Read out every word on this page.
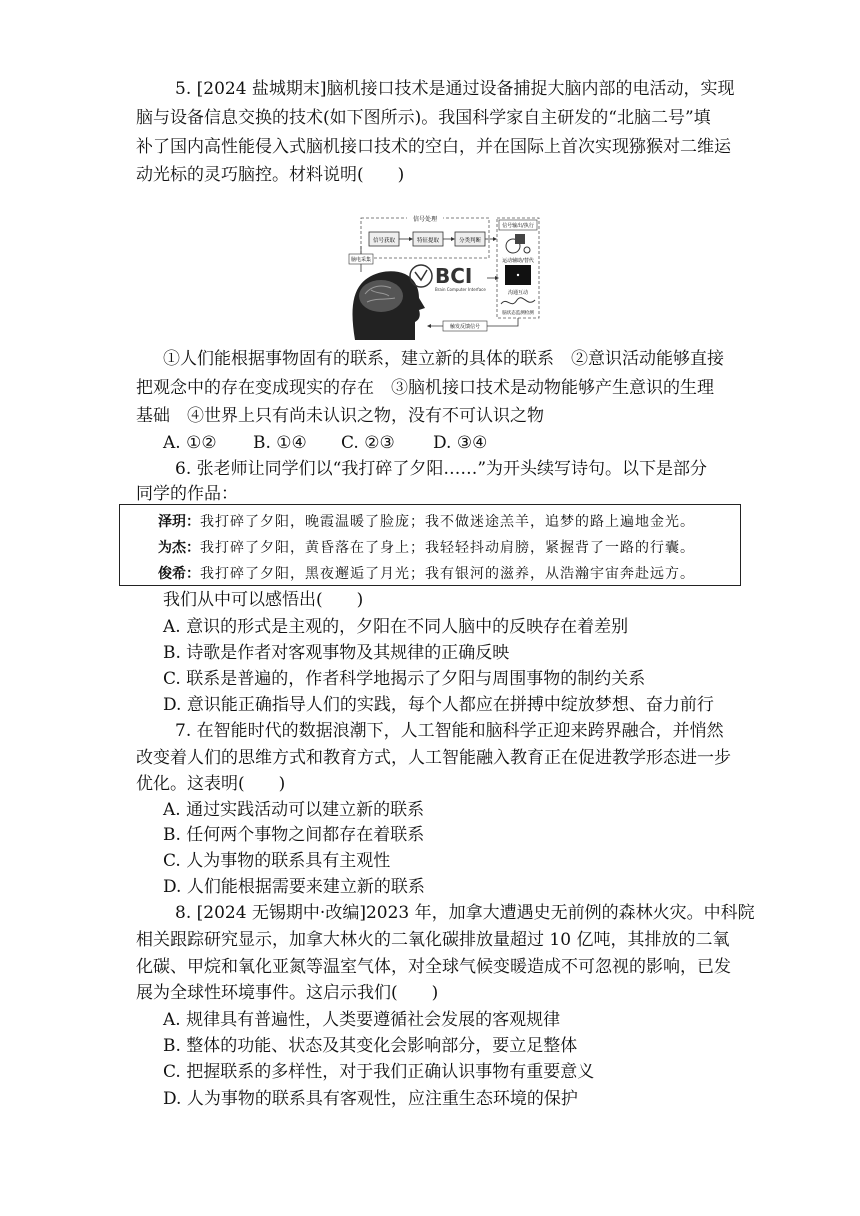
5. [2024 盐城期末]脑机接口技术是通过设备捕捉大脑内部的电活动，实现
脑与设备信息交换的技术(如下图所示)。我国科学家自主研发的“北脑二号”填
补了国内高性能侵入式脑机接口技术的空白，并在国际上首次实现猕猴对二维运
动光标的灵巧脑控。材料说明(　　)
信号处理
信号获取	特征提取	分类判断
脑电采集
BCI
Brain Computer Interface
信号输出/执行
运动辅助/替代
沟通互动
脑状态监测检测
触发反馈信号
①人们能根据事物固有的联系，建立新的具体的联系　②意识活动能够直接
把观念中的存在变成现实的存在　③脑机接口技术是动物能够产生意识的生理
基础　④世界上只有尚未认识之物，没有不可认识之物
A. ①② B. ①④ C. ②③ D. ③④
6. 张老师让同学们以“我打碎了夕阳……”为开头续写诗句。以下是部分
同学的作品：
泽玥：我打碎了夕阳，晚霞温暖了脸庞；我不做迷途羔羊，追梦的路上遍地金光。
为杰：我打碎了夕阳，黄昏落在了身上；我轻轻抖动肩膀，紧握背了一路的行囊。
俊希：我打碎了夕阳，黑夜邂逅了月光；我有银河的滋养，从浩瀚宇宙奔赴远方。
我们从中可以感悟出(　　)
A. 意识的形式是主观的，夕阳在不同人脑中的反映存在着差别
B. 诗歌是作者对客观事物及其规律的正确反映
C. 联系是普遍的，作者科学地揭示了夕阳与周围事物的制约关系
D. 意识能正确指导人们的实践，每个人都应在拼搏中绽放梦想、奋力前行
7. 在智能时代的数据浪潮下，人工智能和脑科学正迎来跨界融合，并悄然
改变着人们的思维方式和教育方式，人工智能融入教育正在促进教学形态进一步
优化。这表明(　　)
A. 通过实践活动可以建立新的联系
B. 任何两个事物之间都存在着联系
C. 人为事物的联系具有主观性
D. 人们能根据需要来建立新的联系
8. [2024 无锡期中·改编]2023 年，加拿大遭遇史无前例的森林火灾。中科院
相关跟踪研究显示，加拿大林火的二氧化碳排放量超过 10 亿吨，其排放的二氧
化碳、甲烷和氧化亚氮等温室气体，对全球气候变暖造成不可忽视的影响，已发
展为全球性环境事件。这启示我们(　　)
A. 规律具有普遍性，人类要遵循社会发展的客观规律
B. 整体的功能、状态及其变化会影响部分，要立足整体
C. 把握联系的多样性，对于我们正确认识事物有重要意义
D. 人为事物的联系具有客观性，应注重生态环境的保护
